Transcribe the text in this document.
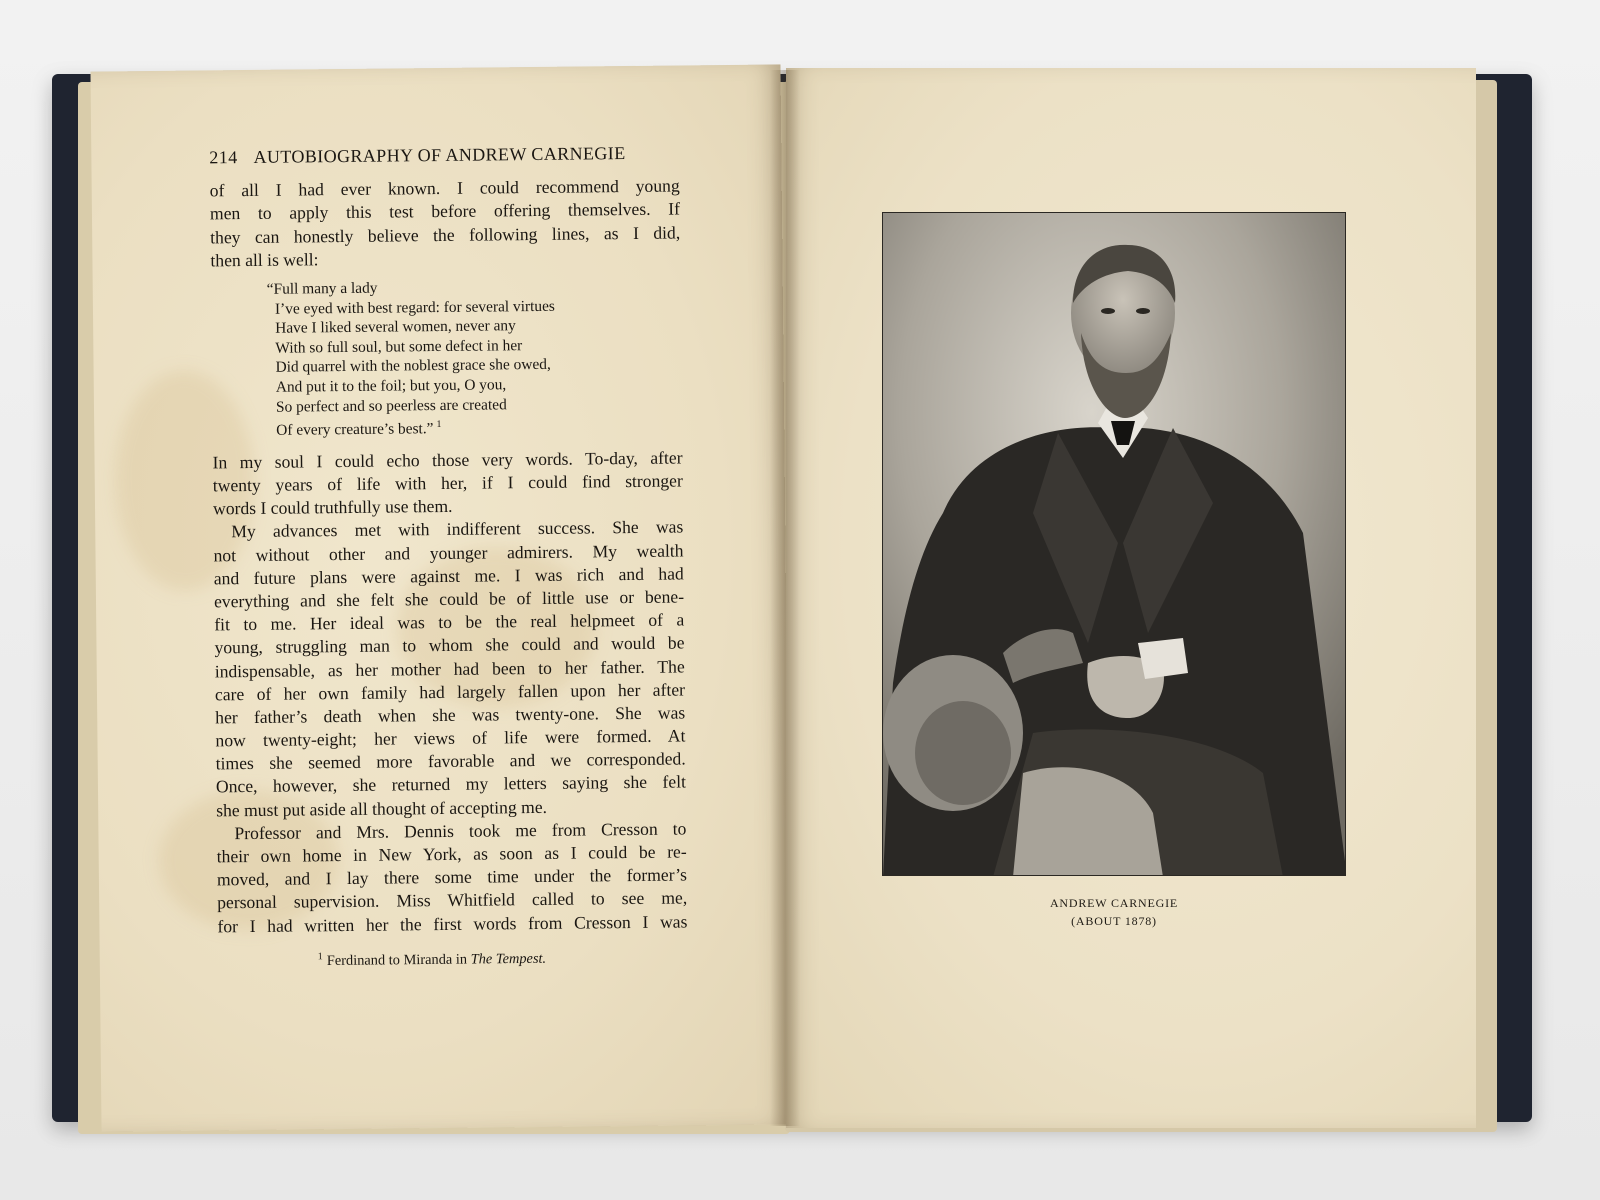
214 AUTOBIOGRAPHY OF ANDREW CARNEGIE
of all I had ever known. I could recommend young
men to apply this test before offering themselves. If
they can honestly believe the following lines, as I did,
then all is well:
“Full many a lady
I’ve eyed with best regard: for several virtues
Have I liked several women, never any
With so full soul, but some defect in her
Did quarrel with the noblest grace she owed,
And put it to the foil; but you, O you,
So perfect and so peerless are created
Of every creature’s best.” $^1$
In my soul I could echo those very words. To-day, after
twenty years of life with her, if I could find stronger
words I could truthfully use them.
My advances met with indifferent success. She was
not without other and younger admirers. My wealth
and future plans were against me. I was rich and had
everything and she felt she could be of little use or bene-
fit to me. Her ideal was to be the real helpmeet of a
young, struggling man to whom she could and would be
indispensable, as her mother had been to her father. The
care of her own family had largely fallen upon her after
her father’s death when she was twenty-one. She was
now twenty-eight; her views of life were formed. At
times she seemed more favorable and we corresponded.
Once, however, she returned my letters saying she felt
she must put aside all thought of accepting me.
Professor and Mrs. Dennis took me from Cresson to
their own home in New York, as soon as I could be re-
moved, and I lay there some time under the former’s
personal supervision. Miss Whitfield called to see me,
for I had written her the first words from Cresson I was
$^1$ Ferdinand to Miranda in The Tempest.
ANDREW CARNEGIE
(ABOUT 1878)
